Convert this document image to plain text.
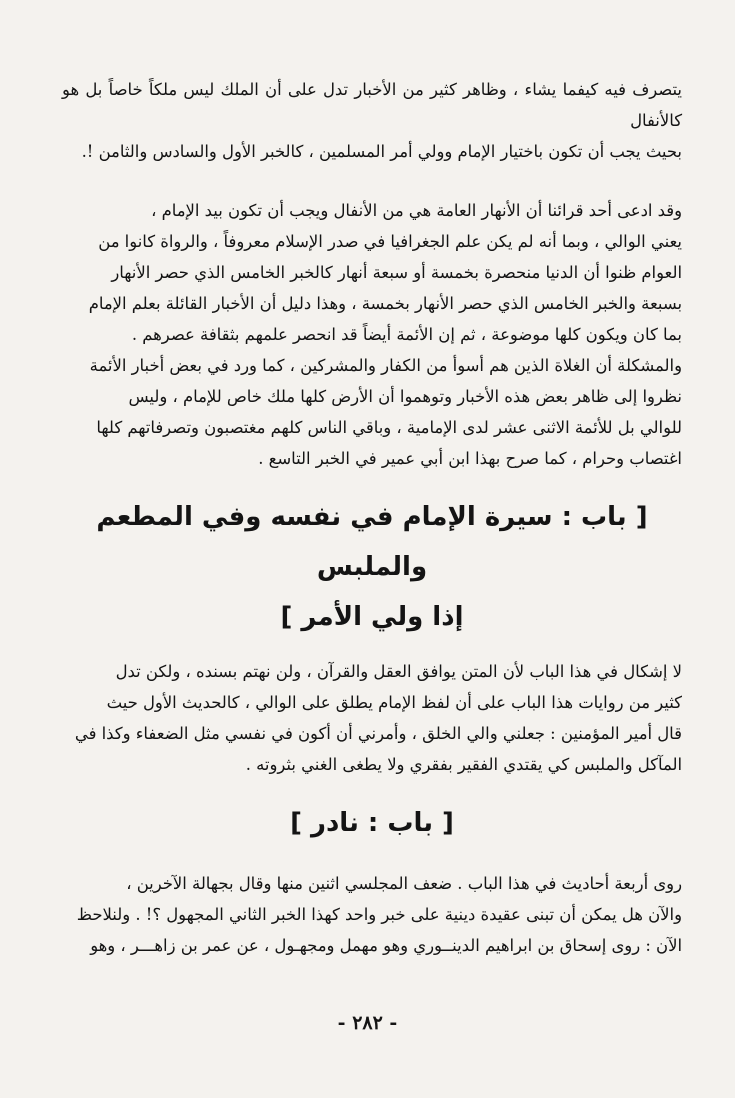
يتصرف فيه كيفما يشاء ، وظاهر كثير من الأخبار تدل على أن الملك ليس ملكاً خاصاً بل هو كالأنفال

بحيث يجب أن تكون باختيار الإمام وولي أمر المسلمين ، كالخبر الأول والسادس والثامن !.

وقد ادعى أحد قرائنا أن الأنهار العامة هي من الأنفال ويجب أن تكون بيد الإمام ،

يعني الوالي ، وبما أنه لم يكن علم الجغرافيا في صدر الإسلام معروفاً ، والرواة كانوا من

العوام ظنوا أن الدنيا منحصرة بخمسة أو سبعة أنهار كالخبر الخامس الذي حصر الأنهار

بسبعة والخبر الخامس الذي حصر الأنهار بخمسة ، وهذا دليل أن الأخبار القائلة بعلم الإمام

بما كان ويكون كلها موضوعة ، ثم إن الأئمة أيضاً قد انحصر علمهم بثقافة عصرهم .

والمشكلة أن الغلاة الذين هم أسوأ من الكفار والمشركين ، كما ورد في بعض أخبار الأئمة

نظروا إلى ظاهر بعض هذه الأخبار وتوهموا أن الأرض كلها ملك خاص للإمام ، وليس

للوالي بل للأئمة الاثنى عشر لدى الإمامية ، وباقي الناس كلهم مغتصبون وتصرفاتهم كلها

اغتصاب وحرام ، كما صرح بهذا ابن أبي عمير في الخبر التاسع .

[ باب : سيرة الإمام في نفسه وفي المطعم والملبس

إذا ولي الأمر ]

لا إشكال في هذا الباب لأن المتن يوافق العقل والقرآن ، ولن نهتم بسنده ، ولكن تدل

كثير من روايات هذا الباب على أن لفظ الإمام يطلق على الوالي ، كالحديث الأول حيث

قال أمير المؤمنين : جعلني والي الخلق ، وأمرني أن أكون في نفسي مثل الضعفاء وكذا في

المآكل والملبس كي يقتدي الفقير بفقري ولا يطغى الغني بثروته .

[ باب : نادر ]

روى أربعة أحاديث في هذا الباب . ضعف المجلسي اثنين منها وقال بجهالة الآخرين ،

والآن هل يمكن أن تبنى عقيدة دينية على خبر واحد كهذا الخبر الثاني المجهول ؟! . ولنلاحظ

الآن : روى إسحاق بن ابراهيم الدينــوري وهو مهمل ومجهـول ، عن عمر بن زاهـــر ، وهو

- ٢٨٢ -
